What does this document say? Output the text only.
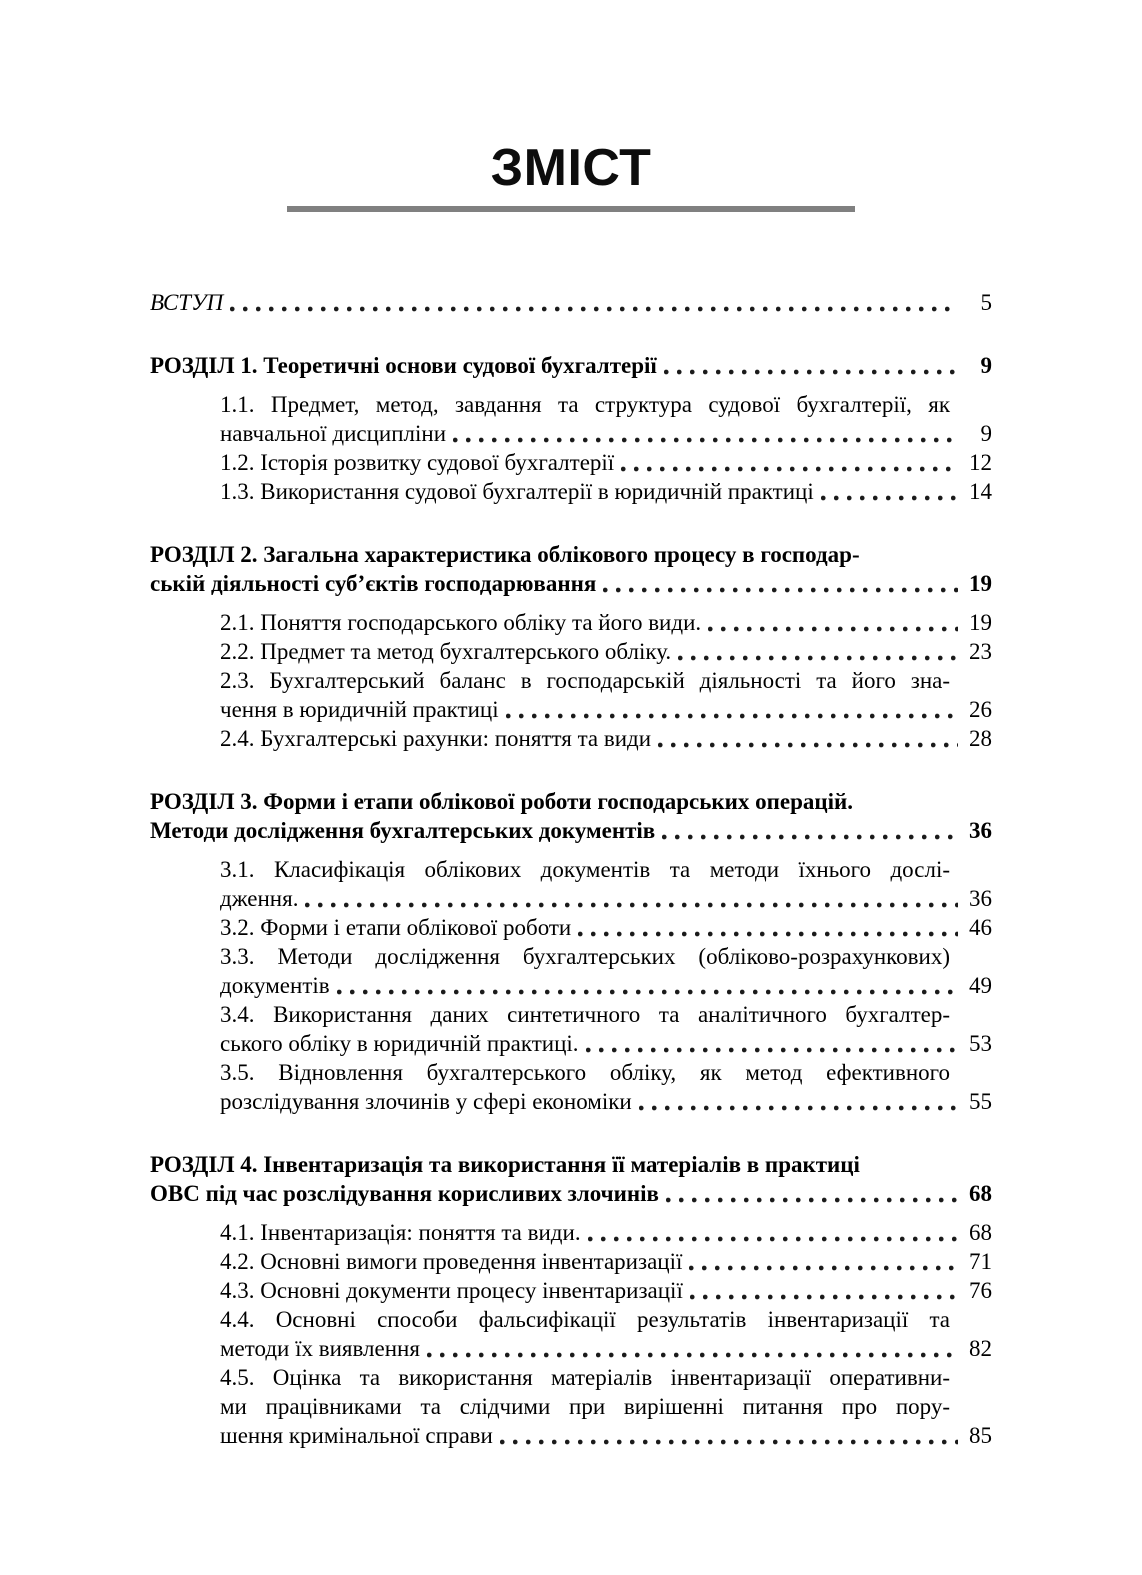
ЗМІСТ
ВСТУП	5
РОЗДІЛ 1. Теоретичні основи судової бухгалтерії	9
1.1. Предмет, метод, завдання та структура судової бухгалтерії, як
навчальної дисципліни	9
1.2. Історія розвитку судової бухгалтерії	12
1.3. Використання судової бухгалтерії в юридичній практиці	14
РОЗДІЛ 2. Загальна характеристика облікового процесу в господар-
ській діяльності суб’єктів господарювання	19
2.1. Поняття господарського обліку та його види.	19
2.2. Предмет та метод бухгалтерського обліку.	23
2.3. Бухгалтерський баланс в господарській діяльності та його зна-
чення в юридичній практиці	26
2.4. Бухгалтерські рахунки: поняття та види	28
РОЗДІЛ 3. Форми і етапи облікової роботи господарських операцій.
Методи дослідження бухгалтерських документів	36
3.1. Класифікація облікових документів та методи їхнього дослі-
дження.	36
3.2. Форми і етапи облікової роботи	46
3.3. Методи дослідження бухгалтерських (обліково-розрахункових)
документів	49
3.4. Використання даних синтетичного та аналітичного бухгалтер-
ського обліку в юридичній практиці.	53
3.5. Відновлення бухгалтерського обліку, як метод ефективного
розслідування злочинів у сфері економіки	55
РОЗДІЛ 4. Інвентаризація та використання її матеріалів в практиці
ОВС під час розслідування корисливих злочинів	68
4.1. Інвентаризація: поняття та види.	68
4.2. Основні вимоги проведення інвентаризації	71
4.3. Основні документи процесу інвентаризації	76
4.4. Основні способи фальсифікації результатів інвентаризації та
методи їх виявлення	82
4.5. Оцінка та використання матеріалів інвентаризації оперативни-
ми працівниками та слідчими при вирішенні питання про пору-
шення кримінальної справи	85
